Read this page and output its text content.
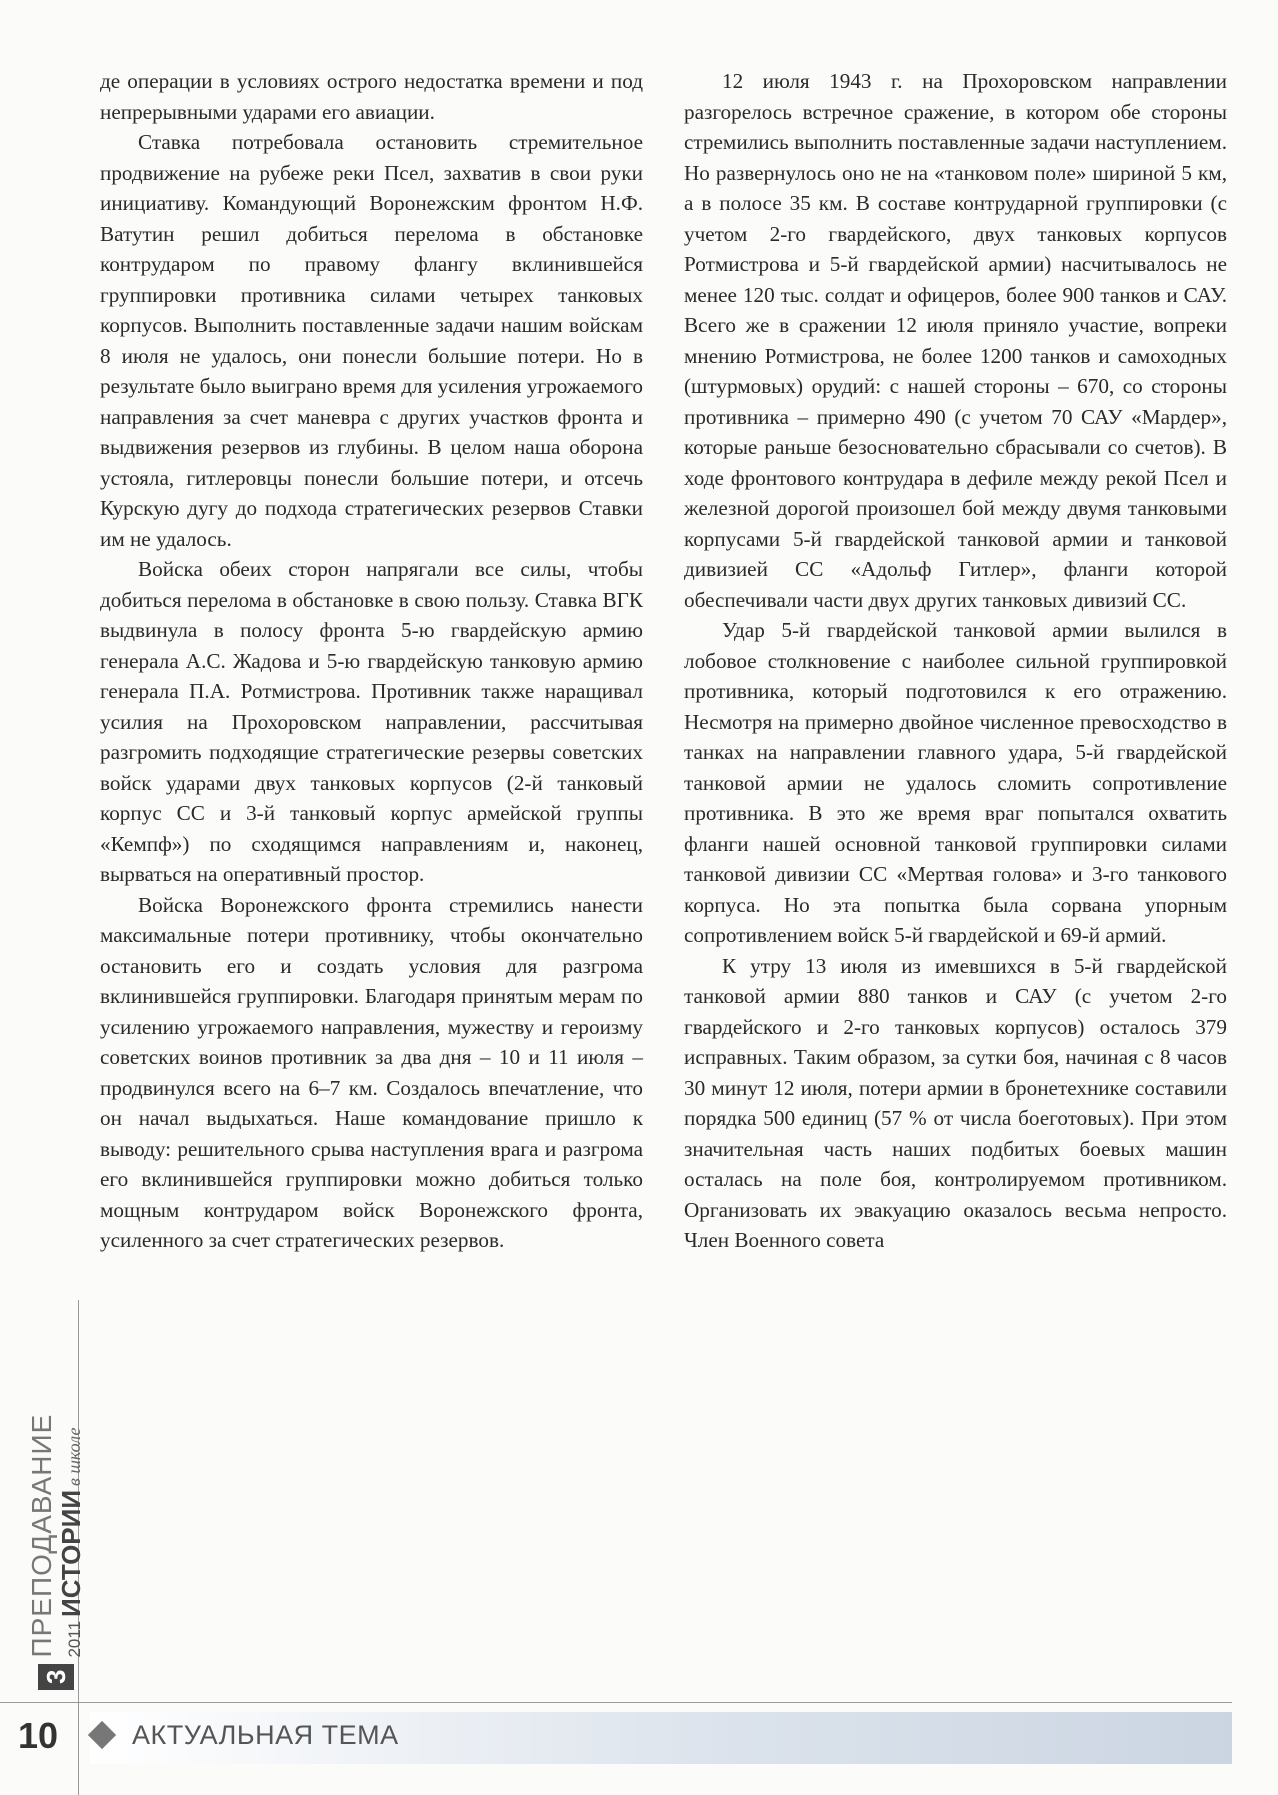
де операции в условиях острого недостатка времени и под непрерывными ударами его авиации.

Ставка потребовала остановить стремительное продвижение на рубеже реки Псел, захватив в свои руки инициативу. Командующий Воронежским фронтом Н.Ф. Ватутин решил добиться перелома в обстановке контрударом по правому флангу вклинившейся группировки противника силами четырех танковых корпусов. Выполнить поставленные задачи нашим войскам 8 июля не удалось, они понесли большие потери. Но в результате было выиграно время для усиления угрожаемого направления за счет маневра с других участков фронта и выдвижения резервов из глубины. В целом наша оборона устояла, гитлеровцы понесли большие потери, и отсечь Курскую дугу до подхода стратегических резервов Ставки им не удалось.

Войска обеих сторон напрягали все силы, чтобы добиться перелома в обстановке в свою пользу. Ставка ВГК выдвинула в полосу фронта 5-ю гвардейскую армию генерала А.С. Жадова и 5-ю гвардейскую танковую армию генерала П.А. Ротмистрова. Противник также наращивал усилия на Прохоровском направлении, рассчитывая разгромить подходящие стратегические резервы советских войск ударами двух танковых корпусов (2-й танковый корпус СС и 3-й танковый корпус армейской группы «Кемпф») по сходящимся направлениям и, наконец, вырваться на оперативный простор.

Войска Воронежского фронта стремились нанести максимальные потери противнику, чтобы окончательно остановить его и создать условия для разгрома вклинившейся группировки. Благодаря принятым мерам по усилению угрожаемого направления, мужеству и героизму советских воинов противник за два дня – 10 и 11 июля – продвинулся всего на 6–7 км. Создалось впечатление, что он начал выдыхаться. Наше командование пришло к выводу: решительного срыва наступления врага и разгрома его вклинившейся группировки можно добиться только мощным контрударом войск Воронежского фронта, усиленного за счет стратегических резервов.

12 июля 1943 г. на Прохоровском направлении разгорелось встречное сражение, в котором обе стороны стремились выполнить поставленные задачи наступлением. Но развернулось оно не на «танковом поле» шириной 5 км, а в полосе 35 км. В составе контрударной группировки (с учетом 2-го гвардейского, двух танковых корпусов Ротмистрова и 5-й гвардейской армии) насчитывалось не менее 120 тыс. солдат и офицеров, более 900 танков и САУ. Всего же в сражении 12 июля приняло участие, вопреки мнению Ротмистрова, не более 1200 танков и самоходных (штурмовых) орудий: с нашей стороны – 670, со стороны противника – примерно 490 (с учетом 70 САУ «Мардер», которые раньше безосновательно сбрасывали со счетов). В ходе фронтового контрудара в дефиле между рекой Псел и железной дорогой произошел бой между двумя танковыми корпусами 5-й гвардейской танковой армии и танковой дивизией СС «Адольф Гитлер», фланги которой обеспечивали части двух других танковых дивизий СС.

Удар 5-й гвардейской танковой армии вылился в лобовое столкновение с наиболее сильной группировкой противника, который подготовился к его отражению. Несмотря на примерно двойное численное превосходство в танках на направлении главного удара, 5-й гвардейской танковой армии не удалось сломить сопротивление противника. В это же время враг попытался охватить фланги нашей основной танковой группировки силами танковой дивизии СС «Мертвая голова» и 3-го танкового корпуса. Но эта попытка была сорвана упорным сопротивлением войск 5-й гвардейской и 69-й армий.

К утру 13 июля из имевшихся в 5-й гвардейской танковой армии 880 танков и САУ (с учетом 2-го гвардейского и 2-го танковых корпусов) осталось 379 исправных. Таким образом, за сутки боя, начиная с 8 часов 30 минут 12 июля, потери армии в бронетехнике составили порядка 500 единиц (57 % от числа боеготовых). При этом значительная часть наших подбитых боевых машин осталась на поле боя, контролируемом противником. Организовать их эвакуацию оказалось весьма непросто. Член Военного совета

3
ПРЕПОДАВАНИЕ 2011
ИСТОРИИ
в школе
10	АКТУАЛЬНАЯ ТЕМА
